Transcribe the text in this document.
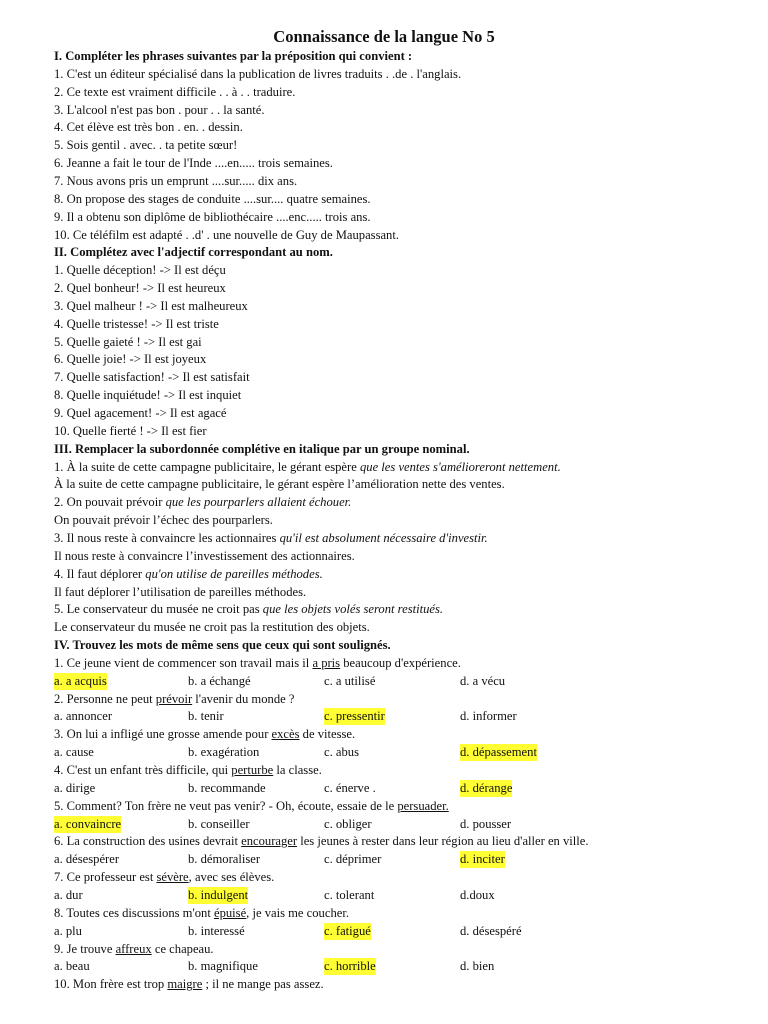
Connaissance de la langue No 5
I. Compléter les phrases suivantes par la préposition qui convient :
1. C'est un éditeur spécialisé dans la publication de livres traduits . .de . l'anglais.
2. Ce texte est vraiment difficile . . à . . traduire.
3. L'alcool n'est pas bon . pour . . la santé.
4. Cet élève est très bon . en. . dessin.
5. Sois gentil . avec. . ta petite sœur!
6. Jeanne a fait le tour de l'Inde ....en..... trois semaines.
7. Nous avons pris un emprunt ....sur..... dix ans.
8. On propose des stages de conduite ....sur.... quatre semaines.
9. Il a obtenu son diplôme de bibliothécaire ....enc..... trois ans.
10. Ce téléfilm est adapté . .d' . une nouvelle de Guy de Maupassant.
II. Complétez avec l'adjectif correspondant au nom.
1. Quelle déception! -> Il est déçu
2. Quel bonheur! -> Il est heureux
3. Quel malheur ! -> Il est malheureux
4. Quelle tristesse! -> Il est triste
5. Quelle gaieté ! -> Il est gai
6. Quelle joie! -> Il est joyeux
7. Quelle satisfaction! -> Il est satisfait
8. Quelle inquiétude! -> Il est inquiet
9. Quel agacement! -> Il est agacé
10. Quelle fierté ! -> Il est fier
III. Remplacer la subordonnée complétive en italique par un groupe nominal.
1. À la suite de cette campagne publicitaire, le gérant espère que les ventes s'amélioreront nettement.
À la suite de cette campagne publicitaire, le gérant espère l’amélioration nette des ventes.
2. On pouvait prévoir que les pourparlers allaient échouer.
On pouvait prévoir l’échec des pourparlers.
3. Il nous reste à convaincre les actionnaires qu'il est absolument nécessaire d'investir.
Il nous reste à convaincre l’investissement des actionnaires.
4. Il faut déplorer qu'on utilise de pareilles méthodes.
Il faut déplorer l’utilisation de pareilles méthodes.
5. Le conservateur du musée ne croit pas que les objets volés seront restitués.
Le conservateur du musée ne croit pas la restitution des objets.
IV. Trouvez les mots de même sens que ceux qui sont soulignés.
1. Ce jeune vient de commencer son travail mais il a pris beaucoup d'expérience.
a. a acquis	b. a échangé	c. a utilisé	d. a vécu
2. Personne ne peut prévoir l'avenir du monde ?
a. annoncer	b. tenir	c. pressentir	d. informer
3. On lui a infligé une grosse amende pour excès de vitesse.
a. cause	b. exagération	c. abus	d. dépassement
4. C'est un enfant très difficile, qui perturbe la classe.
a. dirige	b. recommande	c. énerve .	d. dérange
5. Comment? Ton frère ne veut pas venir? - Oh, écoute, essaie de le persuader.
a. convaincre	b. conseiller	c. obliger	d. pousser
6. La construction des usines devrait encourager les jeunes à rester dans leur région au lieu d'aller en ville.
a. désespérer	b. démoraliser	c. déprimer	d. inciter
7. Ce professeur est sévère, avec ses élèves.
a. dur	b. indulgent	c. tolerant	d.doux
8. Toutes ces discussions m'ont épuisé, je vais me coucher.
a. plu	b. interessé	c. fatigué	d. désespéré
9. Je trouve affreux ce chapeau.
a. beau	b. magnifique	c. horrible	d. bien
10. Mon frère est trop maigre ; il ne mange pas assez.
